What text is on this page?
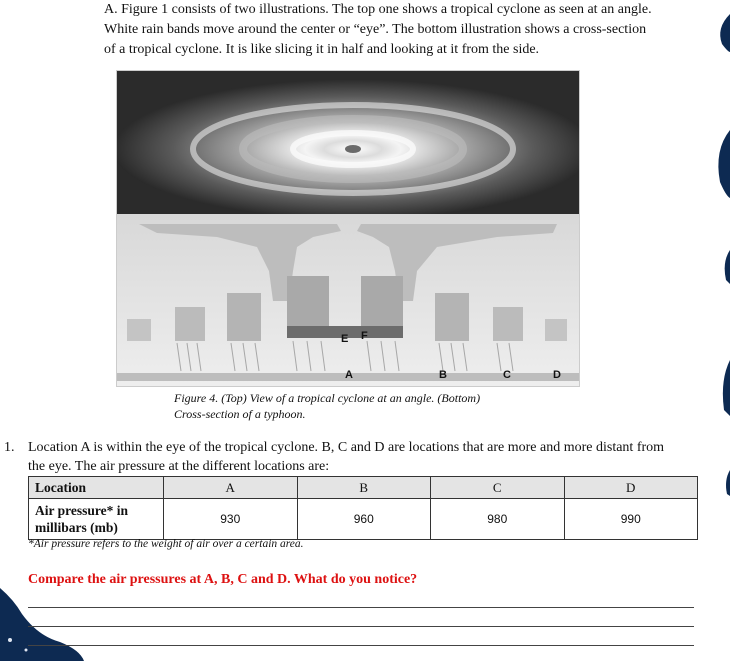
A. Figure 1 consists of two illustrations. The top one shows a tropical cyclone as seen at an angle.

White rain bands move around the center or “eye”. The bottom illustration shows a cross-section

of a tropical cyclone. It is like slicing it in half and looking at it from the side.

E F
A	B	C	D
Figure 4. (Top) View of a tropical cyclone at an angle. (Bottom)
Cross-section of a typhoon.
1. Location A is within the eye of the tropical cyclone. B, C and D are locations that are more and more distant from
the eye. The air pressure at the different locations are:
Location	A	B	C	D

Air pressure* in
millibars (mb)	930	960	980	990
*Air pressure refers to the weight of air over a certain area.
Compare the air pressures at A, B, C and D. What do you notice?
